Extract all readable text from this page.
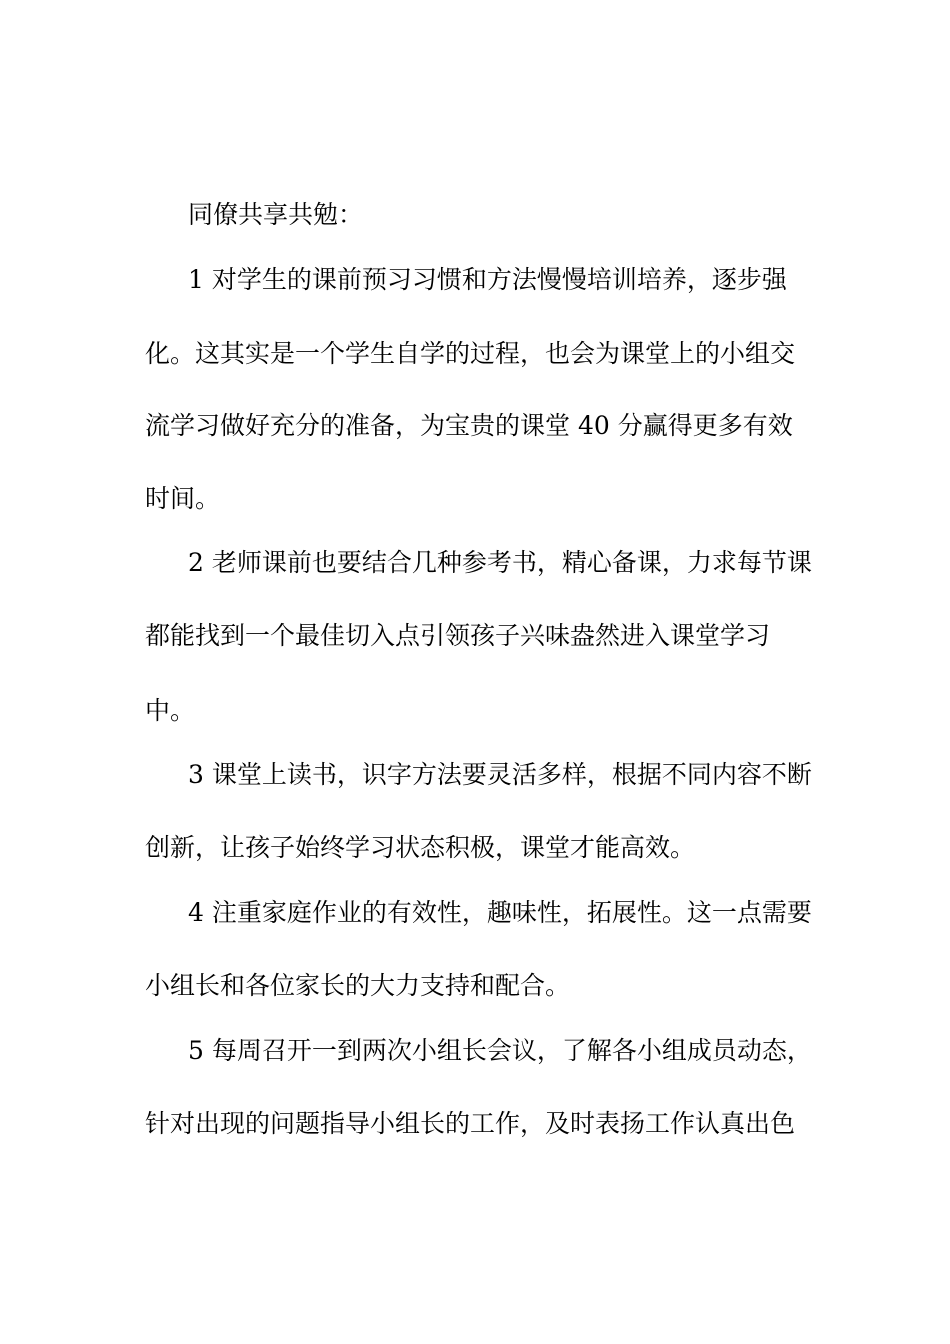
同僚共享共勉：
1 对学生的课前预习习惯和方法慢慢培训培养，逐步强
化。这其实是一个学生自学的过程，也会为课堂上的小组交
流学习做好充分的准备，为宝贵的课堂 40 分赢得更多有效
时间。
2 老师课前也要结合几种参考书，精心备课，力求每节课
都能找到一个最佳切入点引领孩子兴味盎然进入课堂学习
中。
3 课堂上读书，识字方法要灵活多样，根据不同内容不断
创新，让孩子始终学习状态积极，课堂才能高效。
4 注重家庭作业的有效性，趣味性，拓展性。这一点需要
小组长和各位家长的大力支持和配合。
5 每周召开一到两次小组长会议，了解各小组成员动态，
针对出现的问题指导小组长的工作，及时表扬工作认真出色
